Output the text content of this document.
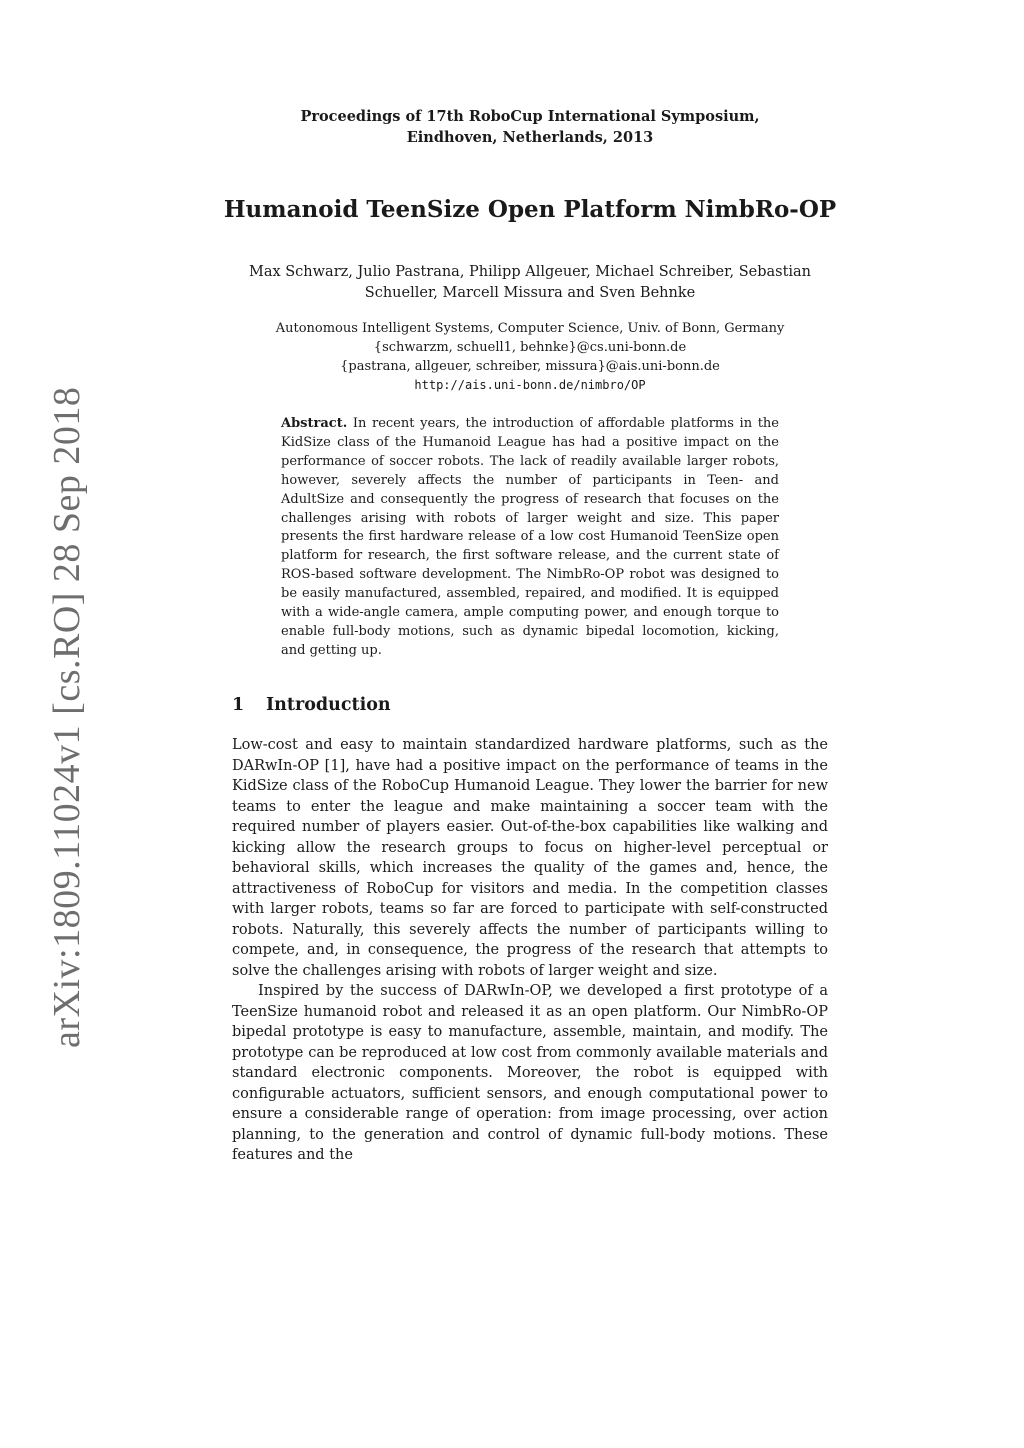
arXiv:1809.11024v1 [cs.RO] 28 Sep 2018
Proceedings of 17th RoboCup International Symposium,
Eindhoven, Netherlands, 2013
Humanoid TeenSize Open Platform NimbRo-OP
Max Schwarz, Julio Pastrana, Philipp Allgeuer, Michael Schreiber, Sebastian
Schueller, Marcell Missura and Sven Behnke
Autonomous Intelligent Systems, Computer Science, Univ. of Bonn, Germany
{schwarzm, schuell1, behnke}@cs.uni-bonn.de
{pastrana, allgeuer, schreiber, missura}@ais.uni-bonn.de
http://ais.uni-bonn.de/nimbro/OP

Abstract. In recent years, the introduction of affordable platforms in the KidSize class of the Humanoid League has had a positive impact on the performance of soccer robots. The lack of readily available larger robots, however, severely affects the number of participants in Teen- and AdultSize and consequently the progress of research that focuses on the challenges arising with robots of larger weight and size. This paper presents the first hardware release of a low cost Humanoid TeenSize open platform for research, the first software release, and the current state of ROS-based software development. The NimbRo-OP robot was designed to be easily manufactured, assembled, repaired, and modified. It is equipped with a wide-angle camera, ample computing power, and enough torque to enable full-body motions, such as dynamic bipedal locomotion, kicking, and getting up.

1 Introduction

Low-cost and easy to maintain standardized hardware platforms, such as the DARwIn-OP [1], have had a positive impact on the performance of teams in the KidSize class of the RoboCup Humanoid League. They lower the barrier for new teams to enter the league and make maintaining a soccer team with the required number of players easier. Out-of-the-box capabilities like walking and kicking allow the research groups to focus on higher-level perceptual or behavioral skills, which increases the quality of the games and, hence, the attractiveness of RoboCup for visitors and media. In the competition classes with larger robots, teams so far are forced to participate with self-constructed robots. Naturally, this severely affects the number of participants willing to compete, and, in consequence, the progress of the research that attempts to solve the challenges arising with robots of larger weight and size.

Inspired by the success of DARwIn-OP, we developed a first prototype of a TeenSize humanoid robot and released it as an open platform. Our NimbRo-OP bipedal prototype is easy to manufacture, assemble, maintain, and modify. The prototype can be reproduced at low cost from commonly available materials and standard electronic components. Moreover, the robot is equipped with configurable actuators, sufficient sensors, and enough computational power to ensure a considerable range of operation: from image processing, over action planning, to the generation and control of dynamic full-body motions. These features and the
